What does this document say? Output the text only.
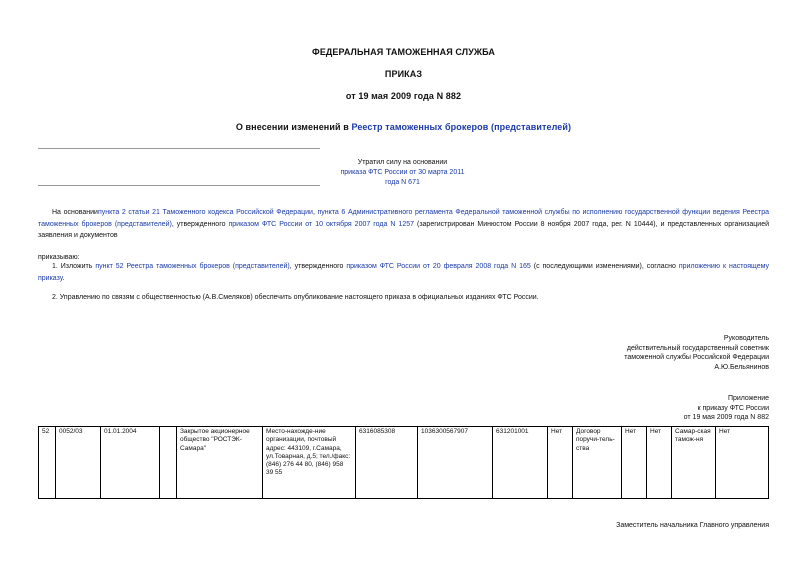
ФЕДЕРАЛЬНАЯ ТАМОЖЕННАЯ СЛУЖБА
ПРИКАЗ
от 19 мая 2009 года N 882
О внесении изменений в Реестр таможенных брокеров (представителей)
Утратил силу на основании
приказа ФТС России от 30 марта 2011 года N 671
На основаниипункта 2 статьи 21 Таможенного кодекса Российской Федерации, пункта 6 Административного регламента Федеральной таможенной службы по исполнению государственной функции ведения Реестра таможенных брокеров (представителей), утвержденного приказом ФТС России от 10 октября 2007 года N 1257 (зарегистрирован Минюстом России 8 ноября 2007 года, рег. N 10444), и представленных организацией заявления и документов
приказываю:
1. Изложить пункт 52 Реестра таможенных брокеров (представителей), утвержденного приказом ФТС России от 20 февраля 2008 года N 165 (с последующими изменениями), согласно приложению к настоящему приказу.
2. Управлению по связям с общественностью (А.В.Смеляков) обеспечить опубликование настоящего приказа в официальных изданиях ФТС России.
Руководитель
действительный государственный советник
таможенной службы Российской Федерации
А.Ю.Бельянинов
Приложение
к приказу ФТС России
от 19 мая 2009 года N 882
52	0052/03	01.01.2004		Закрытое акционерное общество "РОСТЭК-Самара"	Место-нахожде-ние организации, почтовый адрес: 443109, г.Самара, ул.Товарная, д.5; тел./факс: (846) 276 44 80, (846) 958 39 55	6316085308	1036300567907	631201001	Нет	Договор поручи-тель-ства	Нет	Нет	Самар-ская тамож-ня	Нет
Заместитель начальника Главного управления
